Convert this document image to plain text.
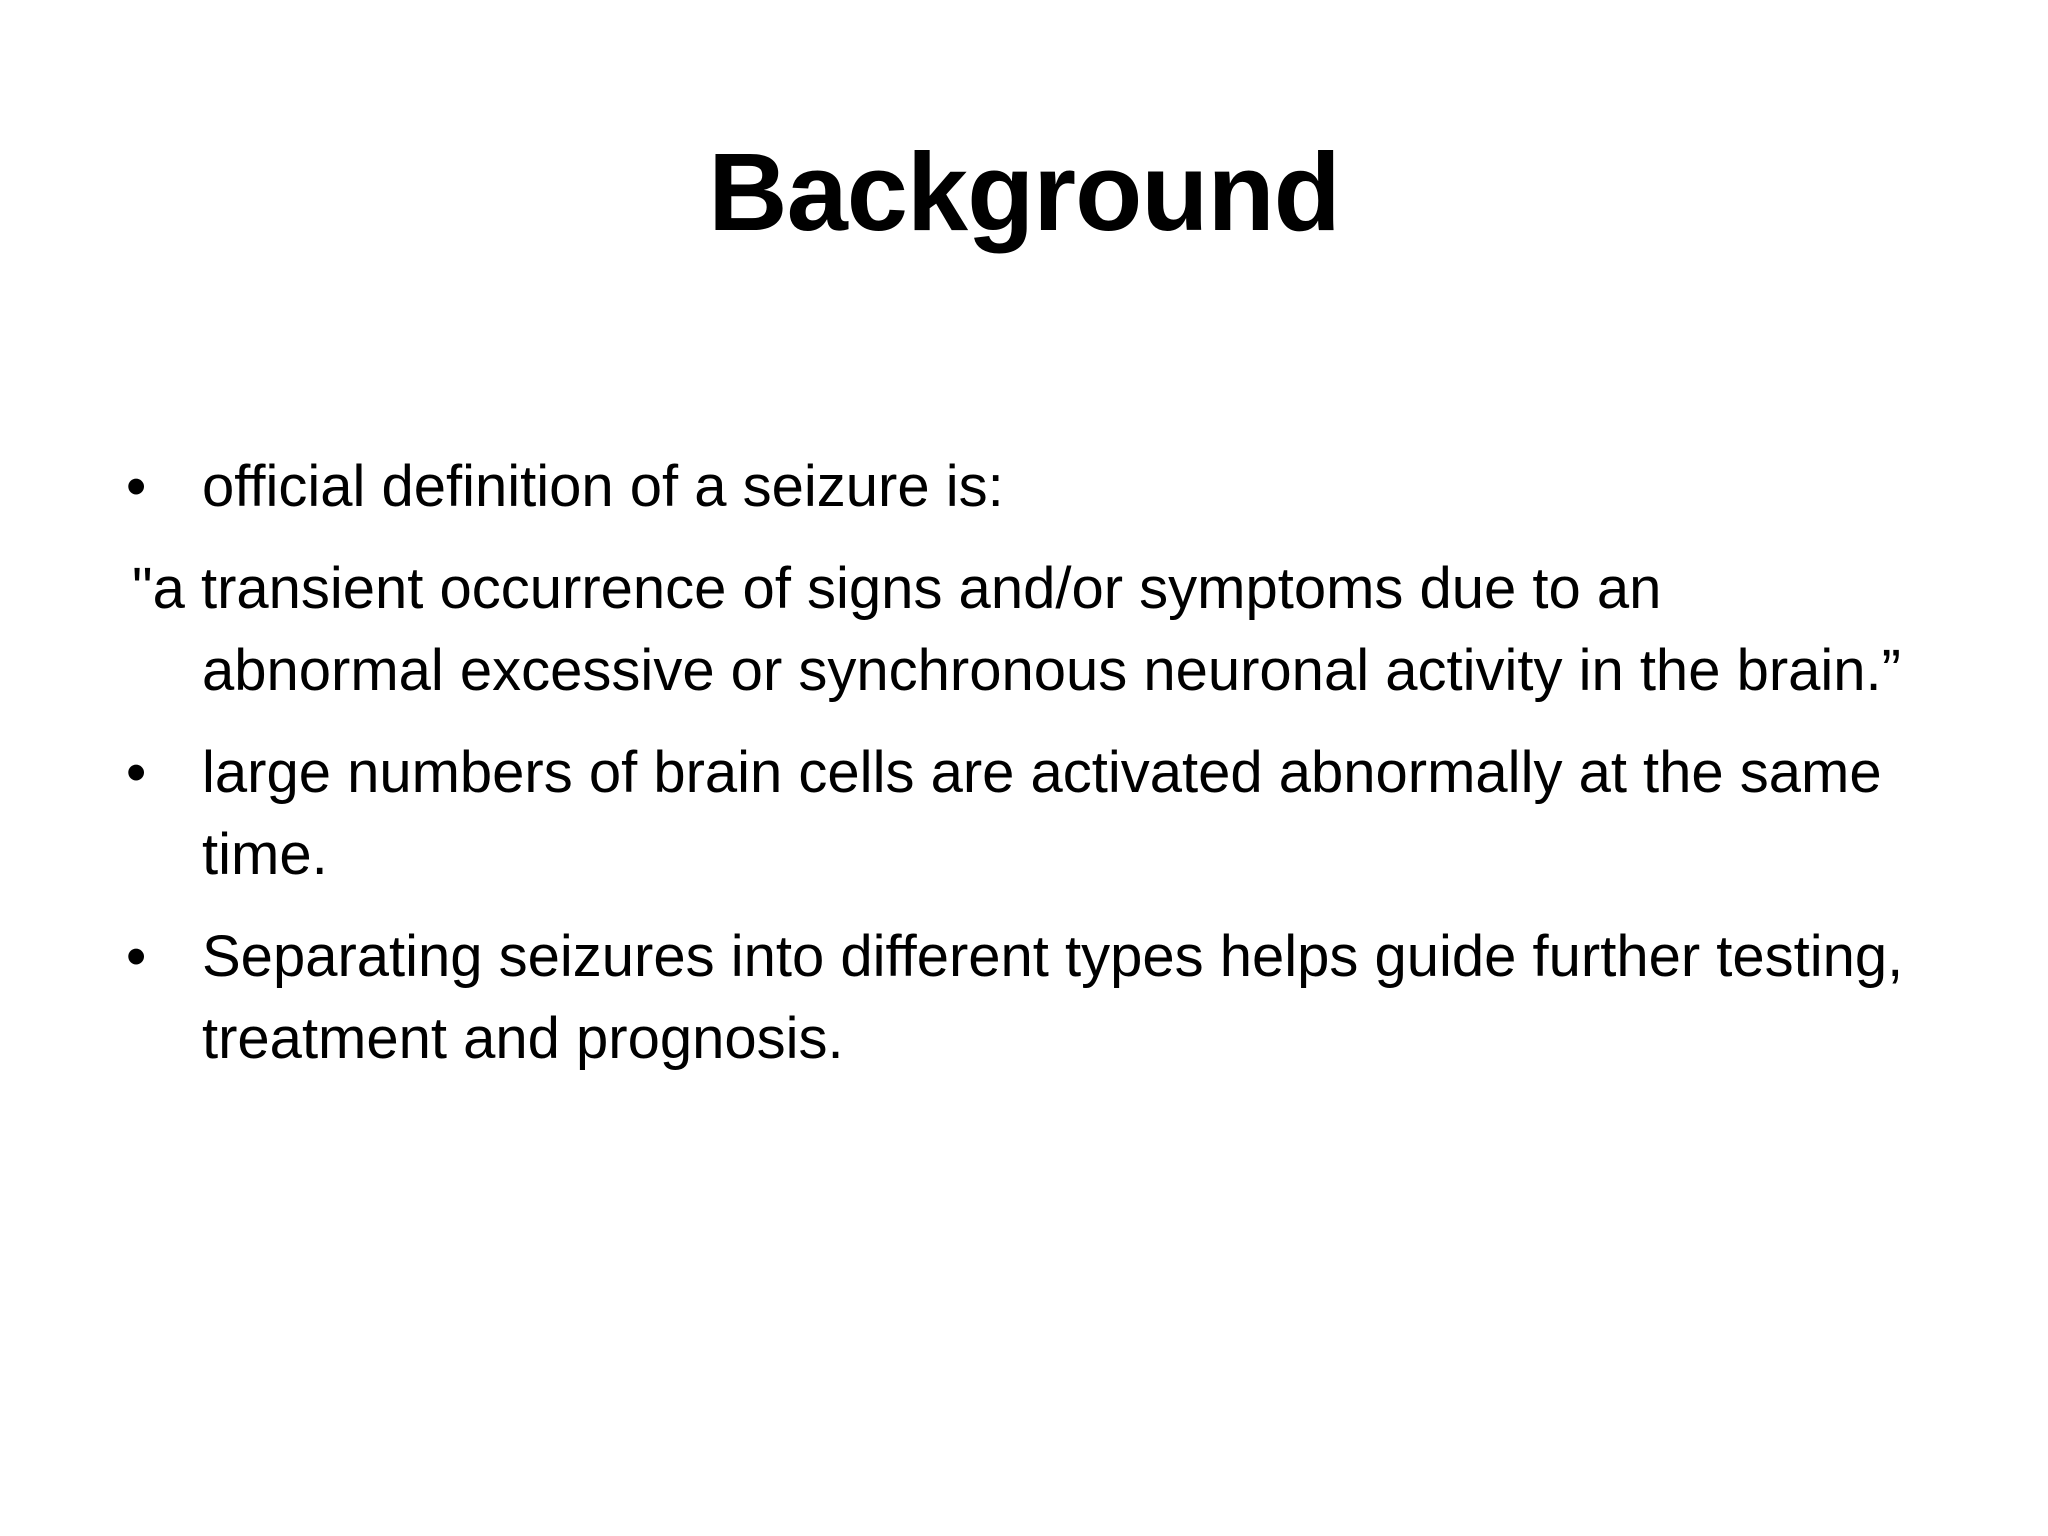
Background
• official definition of a seizure is:
"a transient occurrence of signs and/or symptoms due to an abnormal excessive or synchronous neuronal activity in the brain.”
• large numbers of brain cells are activated abnormally at the same time.
• Separating seizures into different types helps guide further testing, treatment and prognosis.
